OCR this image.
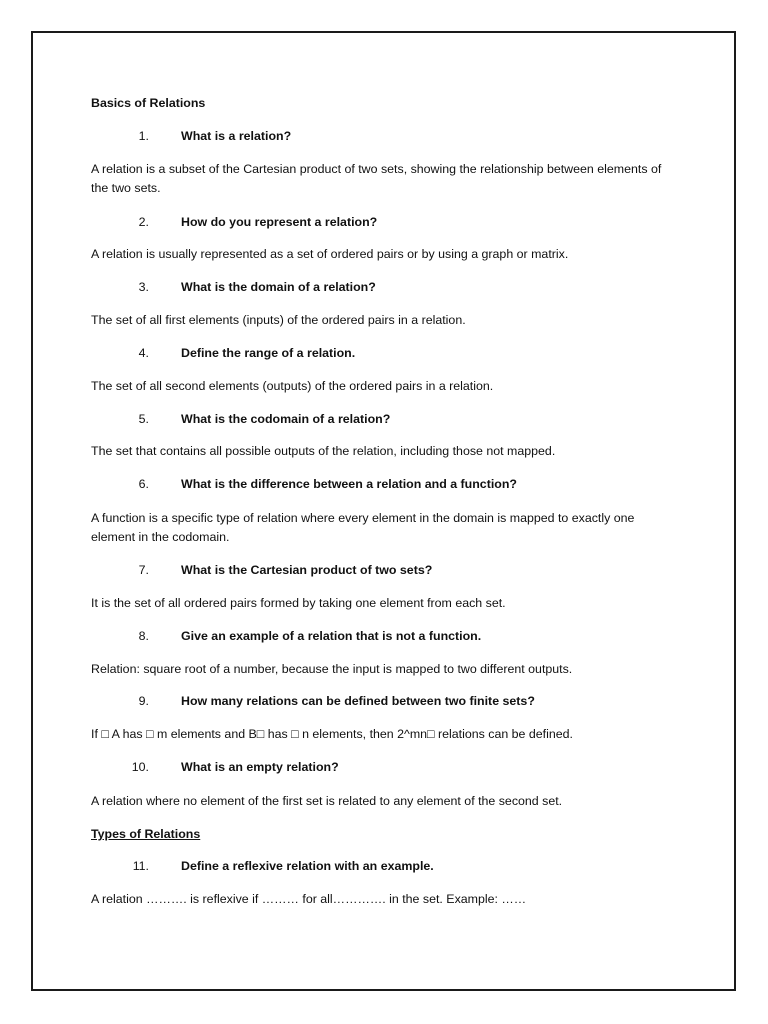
Basics of Relations
1.	What is a relation?
A relation is a subset of the Cartesian product of two sets, showing the relationship between elements of the two sets.
2.	How do you represent a relation?
A relation is usually represented as a set of ordered pairs or by using a graph or matrix.
3.	What is the domain of a relation?
The set of all first elements (inputs) of the ordered pairs in a relation.
4.	Define the range of a relation.
The set of all second elements (outputs) of the ordered pairs in a relation.
5.	What is the codomain of a relation?
The set that contains all possible outputs of the relation, including those not mapped.
6.	What is the difference between a relation and a function?
A function is a specific type of relation where every element in the domain is mapped to exactly one element in the codomain.
7.	What is the Cartesian product of two sets?
It is the set of all ordered pairs formed by taking one element from each set.
8.	Give an example of a relation that is not a function.
Relation: square root of a number, because the input is mapped to two different outputs.
9.	How many relations can be defined between two finite sets?
If □ A has □ m elements and B□ has □ n elements, then 2^mn□ relations can be defined.
10.	What is an empty relation?
A relation where no element of the first set is related to any element of the second set.
Types of Relations
11.	Define a reflexive relation with an example.
A relation ………. is reflexive if ……… for all…………. in the set. Example: ……
